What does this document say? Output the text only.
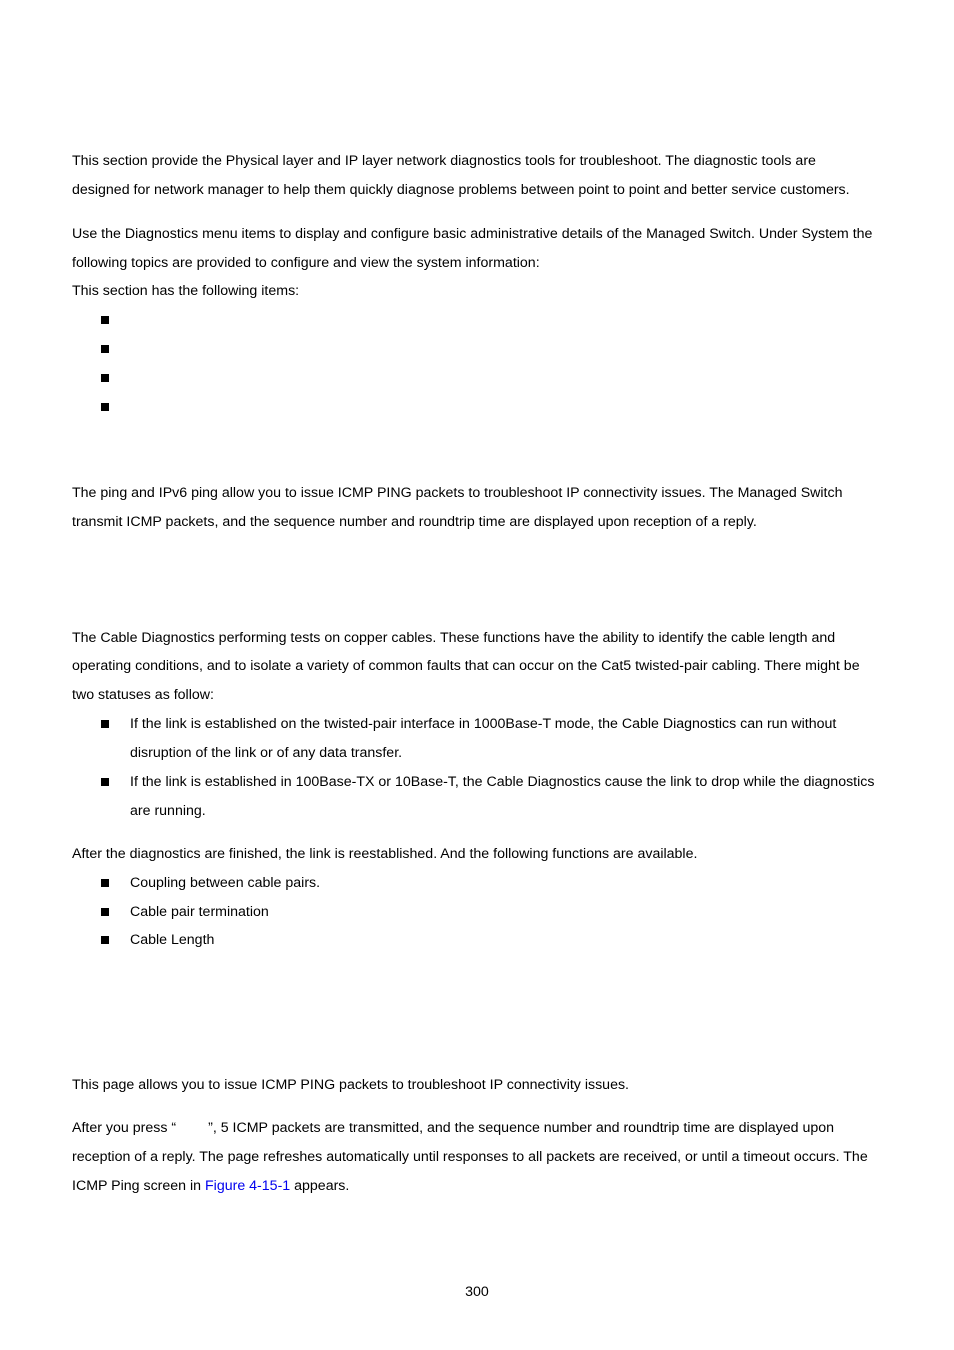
This section provide the Physical layer and IP layer network diagnostics tools for troubleshoot. The diagnostic tools are
designed for network manager to help them quickly diagnose problems between point to point and better service customers.
Use the Diagnostics menu items to display and configure basic administrative details of the Managed Switch. Under System the
following topics are provided to configure and view the system information:
This section has the following items:
The ping and IPv6 ping allow you to issue ICMP PING packets to troubleshoot IP connectivity issues. The Managed Switch
transmit ICMP packets, and the sequence number and roundtrip time are displayed upon reception of a reply.
The Cable Diagnostics performing tests on copper cables. These functions have the ability to identify the cable length and
operating conditions, and to isolate a variety of common faults that can occur on the Cat5 twisted-pair cabling. There might be
two statuses as follow:
If the link is established on the twisted-pair interface in 1000Base-T mode, the Cable Diagnostics can run without
disruption of the link or of any data transfer.
If the link is established in 100Base-TX or 10Base-T, the Cable Diagnostics cause the link to drop while the diagnostics
are running.
After the diagnostics are finished, the link is reestablished. And the following functions are available.
Coupling between cable pairs.
Cable pair termination
Cable Length
This page allows you to issue ICMP PING packets to troubleshoot IP connectivity issues.
After you press “ ”, 5 ICMP packets are transmitted, and the sequence number and roundtrip time are displayed upon
reception of a reply. The page refreshes automatically until responses to all packets are received, or until a timeout occurs. The
ICMP Ping screen in Figure 4-15-1 appears.
300
